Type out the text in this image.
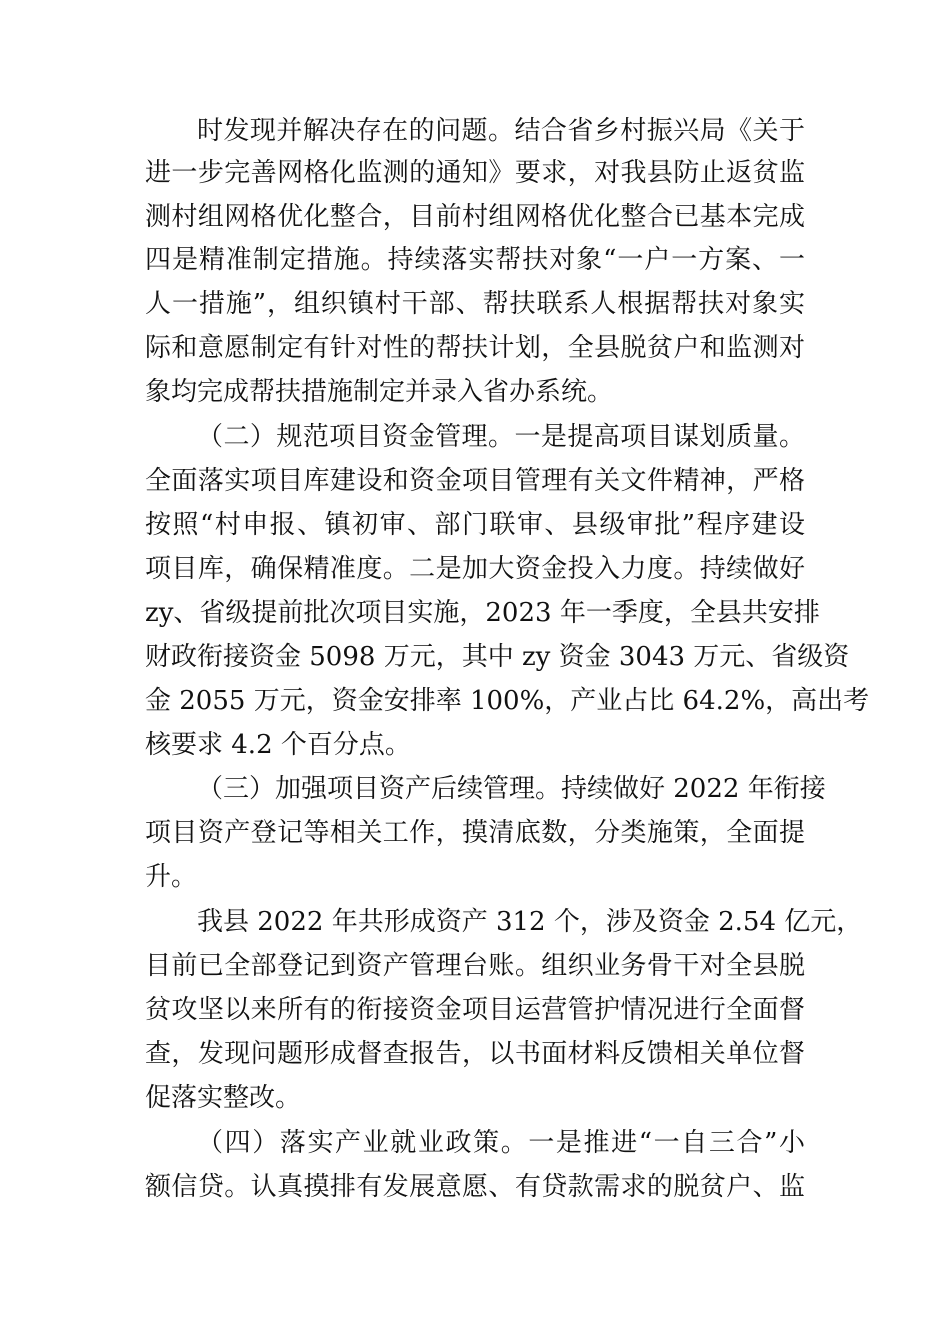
时发现并解决存在的问题。结合省乡村振兴局《关于
进一步完善网格化监测的通知》要求，对我县防止返贫监
测村组网格优化整合，目前村组网格优化整合已基本完成
四是精准制定措施。持续落实帮扶对象“一户一方案、一
人一措施”，组织镇村干部、帮扶联系人根据帮扶对象实
际和意愿制定有针对性的帮扶计划，全县脱贫户和监测对
象均完成帮扶措施制定并录入省办系统。
（二）规范项目资金管理。一是提高项目谋划质量。
全面落实项目库建设和资金项目管理有关文件精神，严格
按照“村申报、镇初审、部门联审、县级审批”程序建设
项目库，确保精准度。二是加大资金投入力度。持续做好
zy、省级提前批次项目实施，2023 年一季度，全县共安排
财政衔接资金 5098 万元，其中 zy 资金 3043 万元、省级资
金 2055 万元，资金安排率 100%，产业占比 64.2%，高出考
核要求 4.2 个百分点。
（三）加强项目资产后续管理。持续做好 2022 年衔接
项目资产登记等相关工作，摸清底数，分类施策，全面提
升。
我县 2022 年共形成资产 312 个，涉及资金 2.54 亿元，
目前已全部登记到资产管理台账。组织业务骨干对全县脱
贫攻坚以来所有的衔接资金项目运营管护情况进行全面督
查，发现问题形成督查报告，以书面材料反馈相关单位督
促落实整改。
（四）落实产业就业政策。一是推进“一自三合”小
额信贷。认真摸排有发展意愿、有贷款需求的脱贫户、监
